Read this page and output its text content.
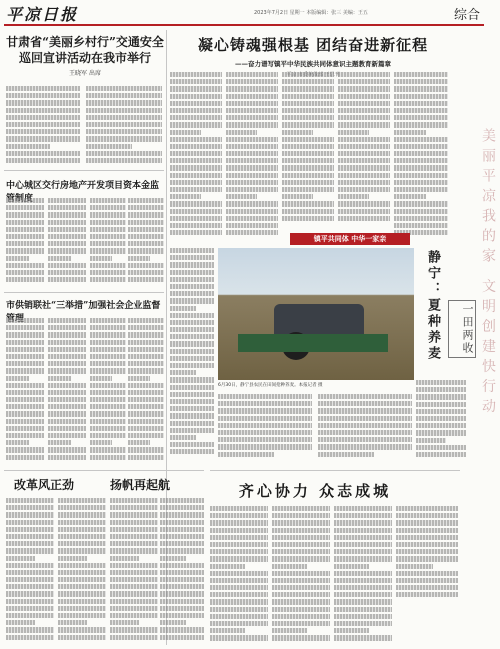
平凉日报	2023年7月2日 星期一 本版编辑：张三 美编：王五	综合
甘肃省“美丽乡村行”交通安全
巡回宣讲活动在我市举行
王晓军 出席
凝心铸魂强根基 团结奋进新征程
——奋力谱写镇平中华民族共同体意识主题教育新篇章
中心城区交行房地产开发项目资本金监
市供销联社“三举措”加强社会企业监督
改革风正劲	扬帆再起航
镇平共同体 中华一家亲	美丽平凉我的家 文明创建快行动
6月30日，静宁县农民在田间抢种荞麦。本报记者 摄
静宁：夏种养麦	一田两收
齐心协力 众志成城
